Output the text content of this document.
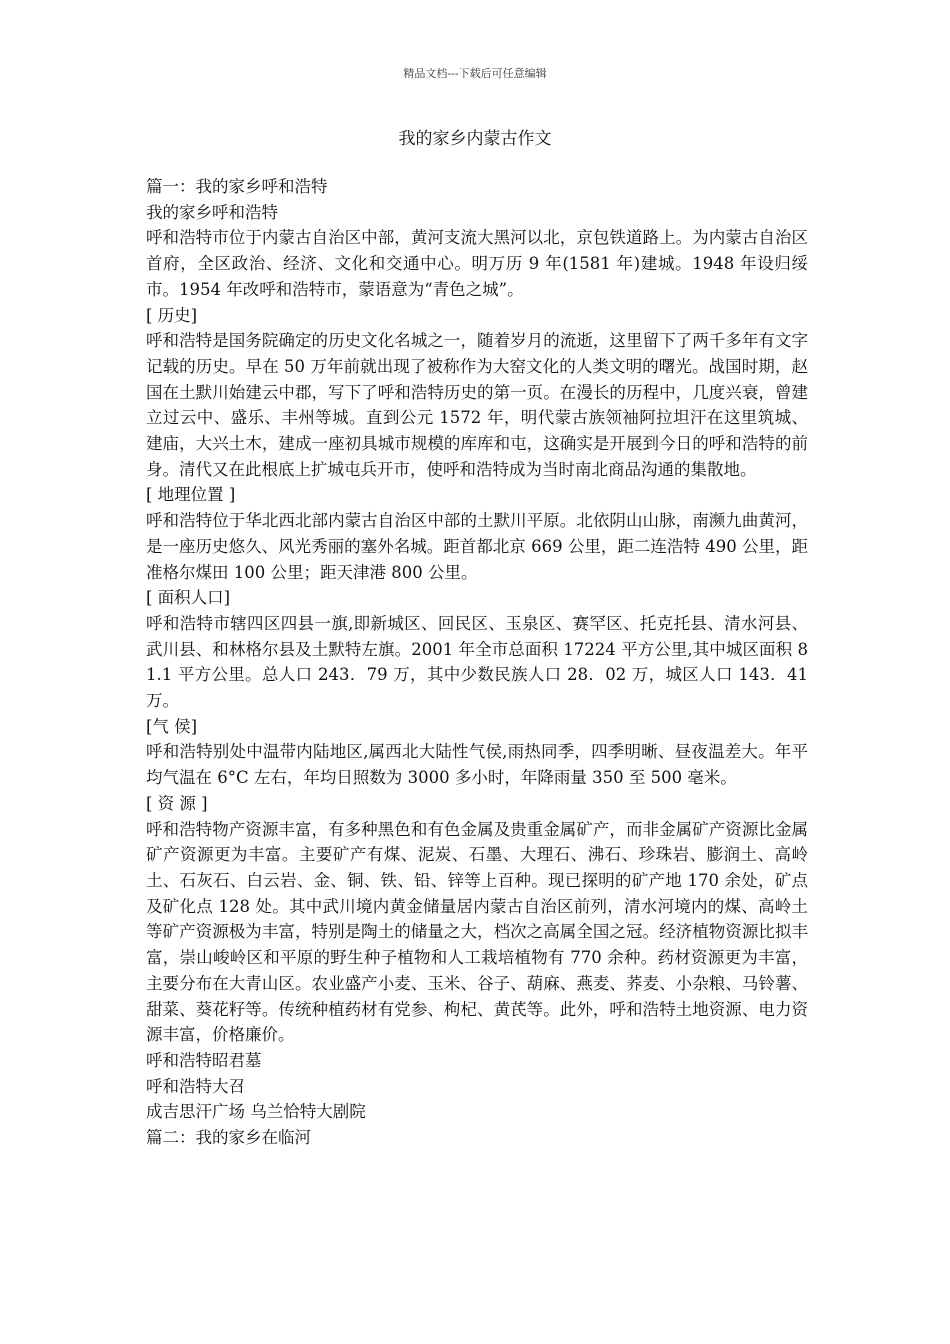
精品文档---下载后可任意编辑
我的家乡内蒙古作文

篇一：我的家乡呼和浩特

我的家乡呼和浩特

呼和浩特市位于内蒙古自治区中部，黄河支流大黑河以北，京包铁道路上。为内蒙古自治区首府，全区政治、经济、文化和交通中心。明万历 9 年(1581 年)建城。1948 年设归绥市。1954 年改呼和浩特市，蒙语意为“青色之城”。

[ 历史]

呼和浩特是国务院确定的历史文化名城之一，随着岁月的流逝，这里留下了两千多年有文字记载的历史。早在 50 万年前就出现了被称作为大窑文化的人类文明的曙光。战国时期，赵国在土默川始建云中郡，写下了呼和浩特历史的第一页。在漫长的历程中，几度兴衰，曾建立过云中、盛乐、丰州等城。直到公元 1572 年，明代蒙古族领袖阿拉坦汗在这里筑城、建庙，大兴土木，建成一座初具城市规模的库库和屯，这确实是开展到今日的呼和浩特的前身。清代又在此根底上扩城屯兵开市，使呼和浩特成为当时南北商品沟通的集散地。

[ 地理位置 ]

呼和浩特位于华北西北部内蒙古自治区中部的土默川平原。北依阴山山脉，南濒九曲黄河，是一座历史悠久、风光秀丽的塞外名城。距首都北京 669 公里，距二连浩特 490 公里，距准格尔煤田 100 公里；距天津港 800 公里。

[ 面积人口]

呼和浩特市辖四区四县一旗,即新城区、回民区、玉泉区、赛罕区、托克托县、清水河县、武川县、和林格尔县及土默特左旗。2001 年全市总面积 17224 平方公里,其中城区面积 81.1 平方公里。总人口 243．79 万，其中少数民族人口 28．02 万，城区人口 143．41 万。

[气 侯]

呼和浩特别处中温带内陆地区,属西北大陆性气侯,雨热同季，四季明晰、昼夜温差大。年平均气温在 6°C 左右，年均日照数为 3000 多小时，年降雨量 350 至 500 毫米。

[ 资 源 ]

呼和浩特物产资源丰富，有多种黑色和有色金属及贵重金属矿产，而非金属矿产资源比金属矿产资源更为丰富。主要矿产有煤、泥炭、石墨、大理石、沸石、珍珠岩、膨润土、高岭土、石灰石、白云岩、金、铜、铁、铅、锌等上百种。现已探明的矿产地 170 余处，矿点及矿化点 128 处。其中武川境内黄金储量居内蒙古自治区前列，清水河境内的煤、高岭土等矿产资源极为丰富，特别是陶土的储量之大，档次之高属全国之冠。经济植物资源比拟丰富，崇山峻岭区和平原的野生种子植物和人工栽培植物有 770 余种。药材资源更为丰富，主要分布在大青山区。农业盛产小麦、玉米、谷子、葫麻、燕麦、荞麦、小杂粮、马铃薯、甜菜、葵花籽等。传统种植药材有党参、枸杞、黄芪等。此外，呼和浩特土地资源、电力资源丰富，价格廉价。

呼和浩特昭君墓

呼和浩特大召

成吉思汗广场 乌兰恰特大剧院

篇二：我的家乡在临河
